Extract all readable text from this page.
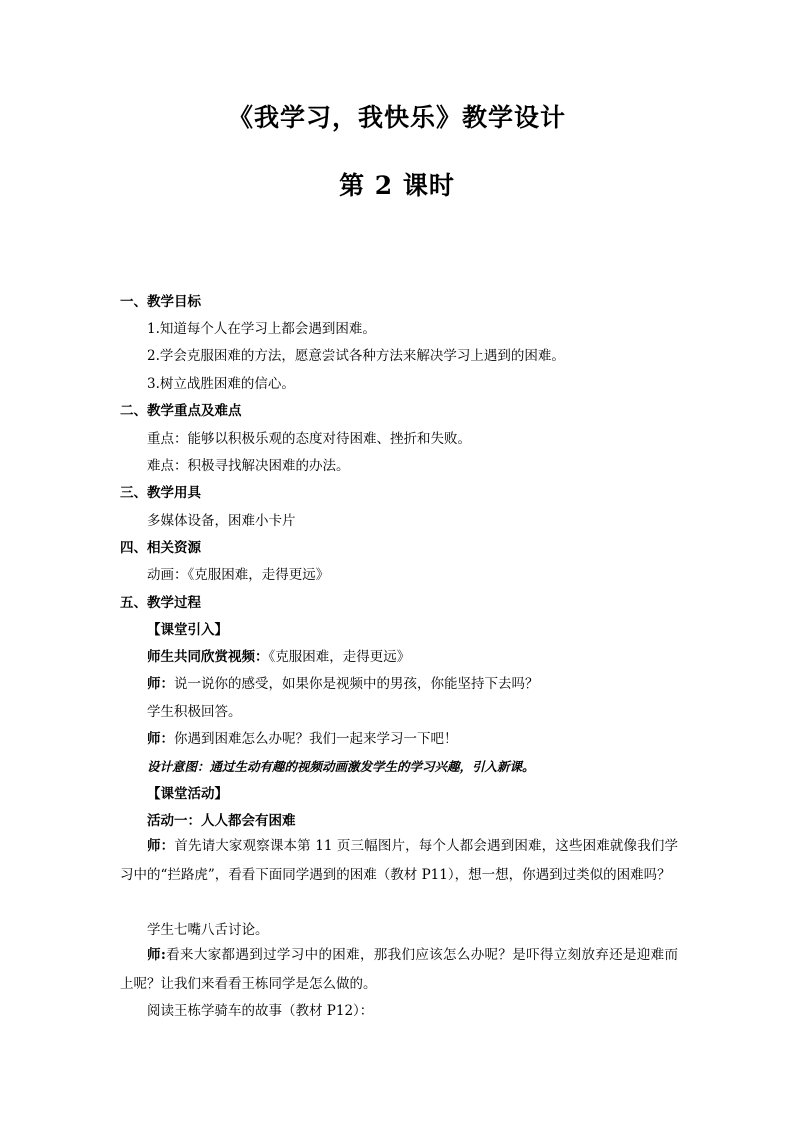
《我学习，我快乐》教学设计
第 2 课时
一、教学目标
1.知道每个人在学习上都会遇到困难。
2.学会克服困难的方法，愿意尝试各种方法来解决学习上遇到的困难。
3.树立战胜困难的信心。
二、教学重点及难点
重点：能够以积极乐观的态度对待困难、挫折和失败。
难点：积极寻找解决困难的办法。
三、教学用具
多媒体设备，困难小卡片
四、相关资源
动画：《克服困难，走得更远》
五、教学过程
【课堂引入】
师生共同欣赏视频：《克服困难，走得更远》
师：说一说你的感受，如果你是视频中的男孩，你能坚持下去吗？
学生积极回答。
师：你遇到困难怎么办呢？我们一起来学习一下吧！
设计意图：通过生动有趣的视频动画激发学生的学习兴趣，引入新课。
【课堂活动】
活动一：人人都会有困难
师：首先请大家观察课本第 11 页三幅图片，每个人都会遇到困难，这些困难就像我们学习中的“拦路虎”，看看下面同学遇到的困难（教材 P11），想一想，你遇到过类似的困难吗？
学生七嘴八舌讨论。
师:看来大家都遇到过学习中的困难，那我们应该怎么办呢？是吓得立刻放弃还是迎难而上呢？让我们来看看王栋同学是怎么做的。
阅读王栋学骑车的故事（教材 P12）：
